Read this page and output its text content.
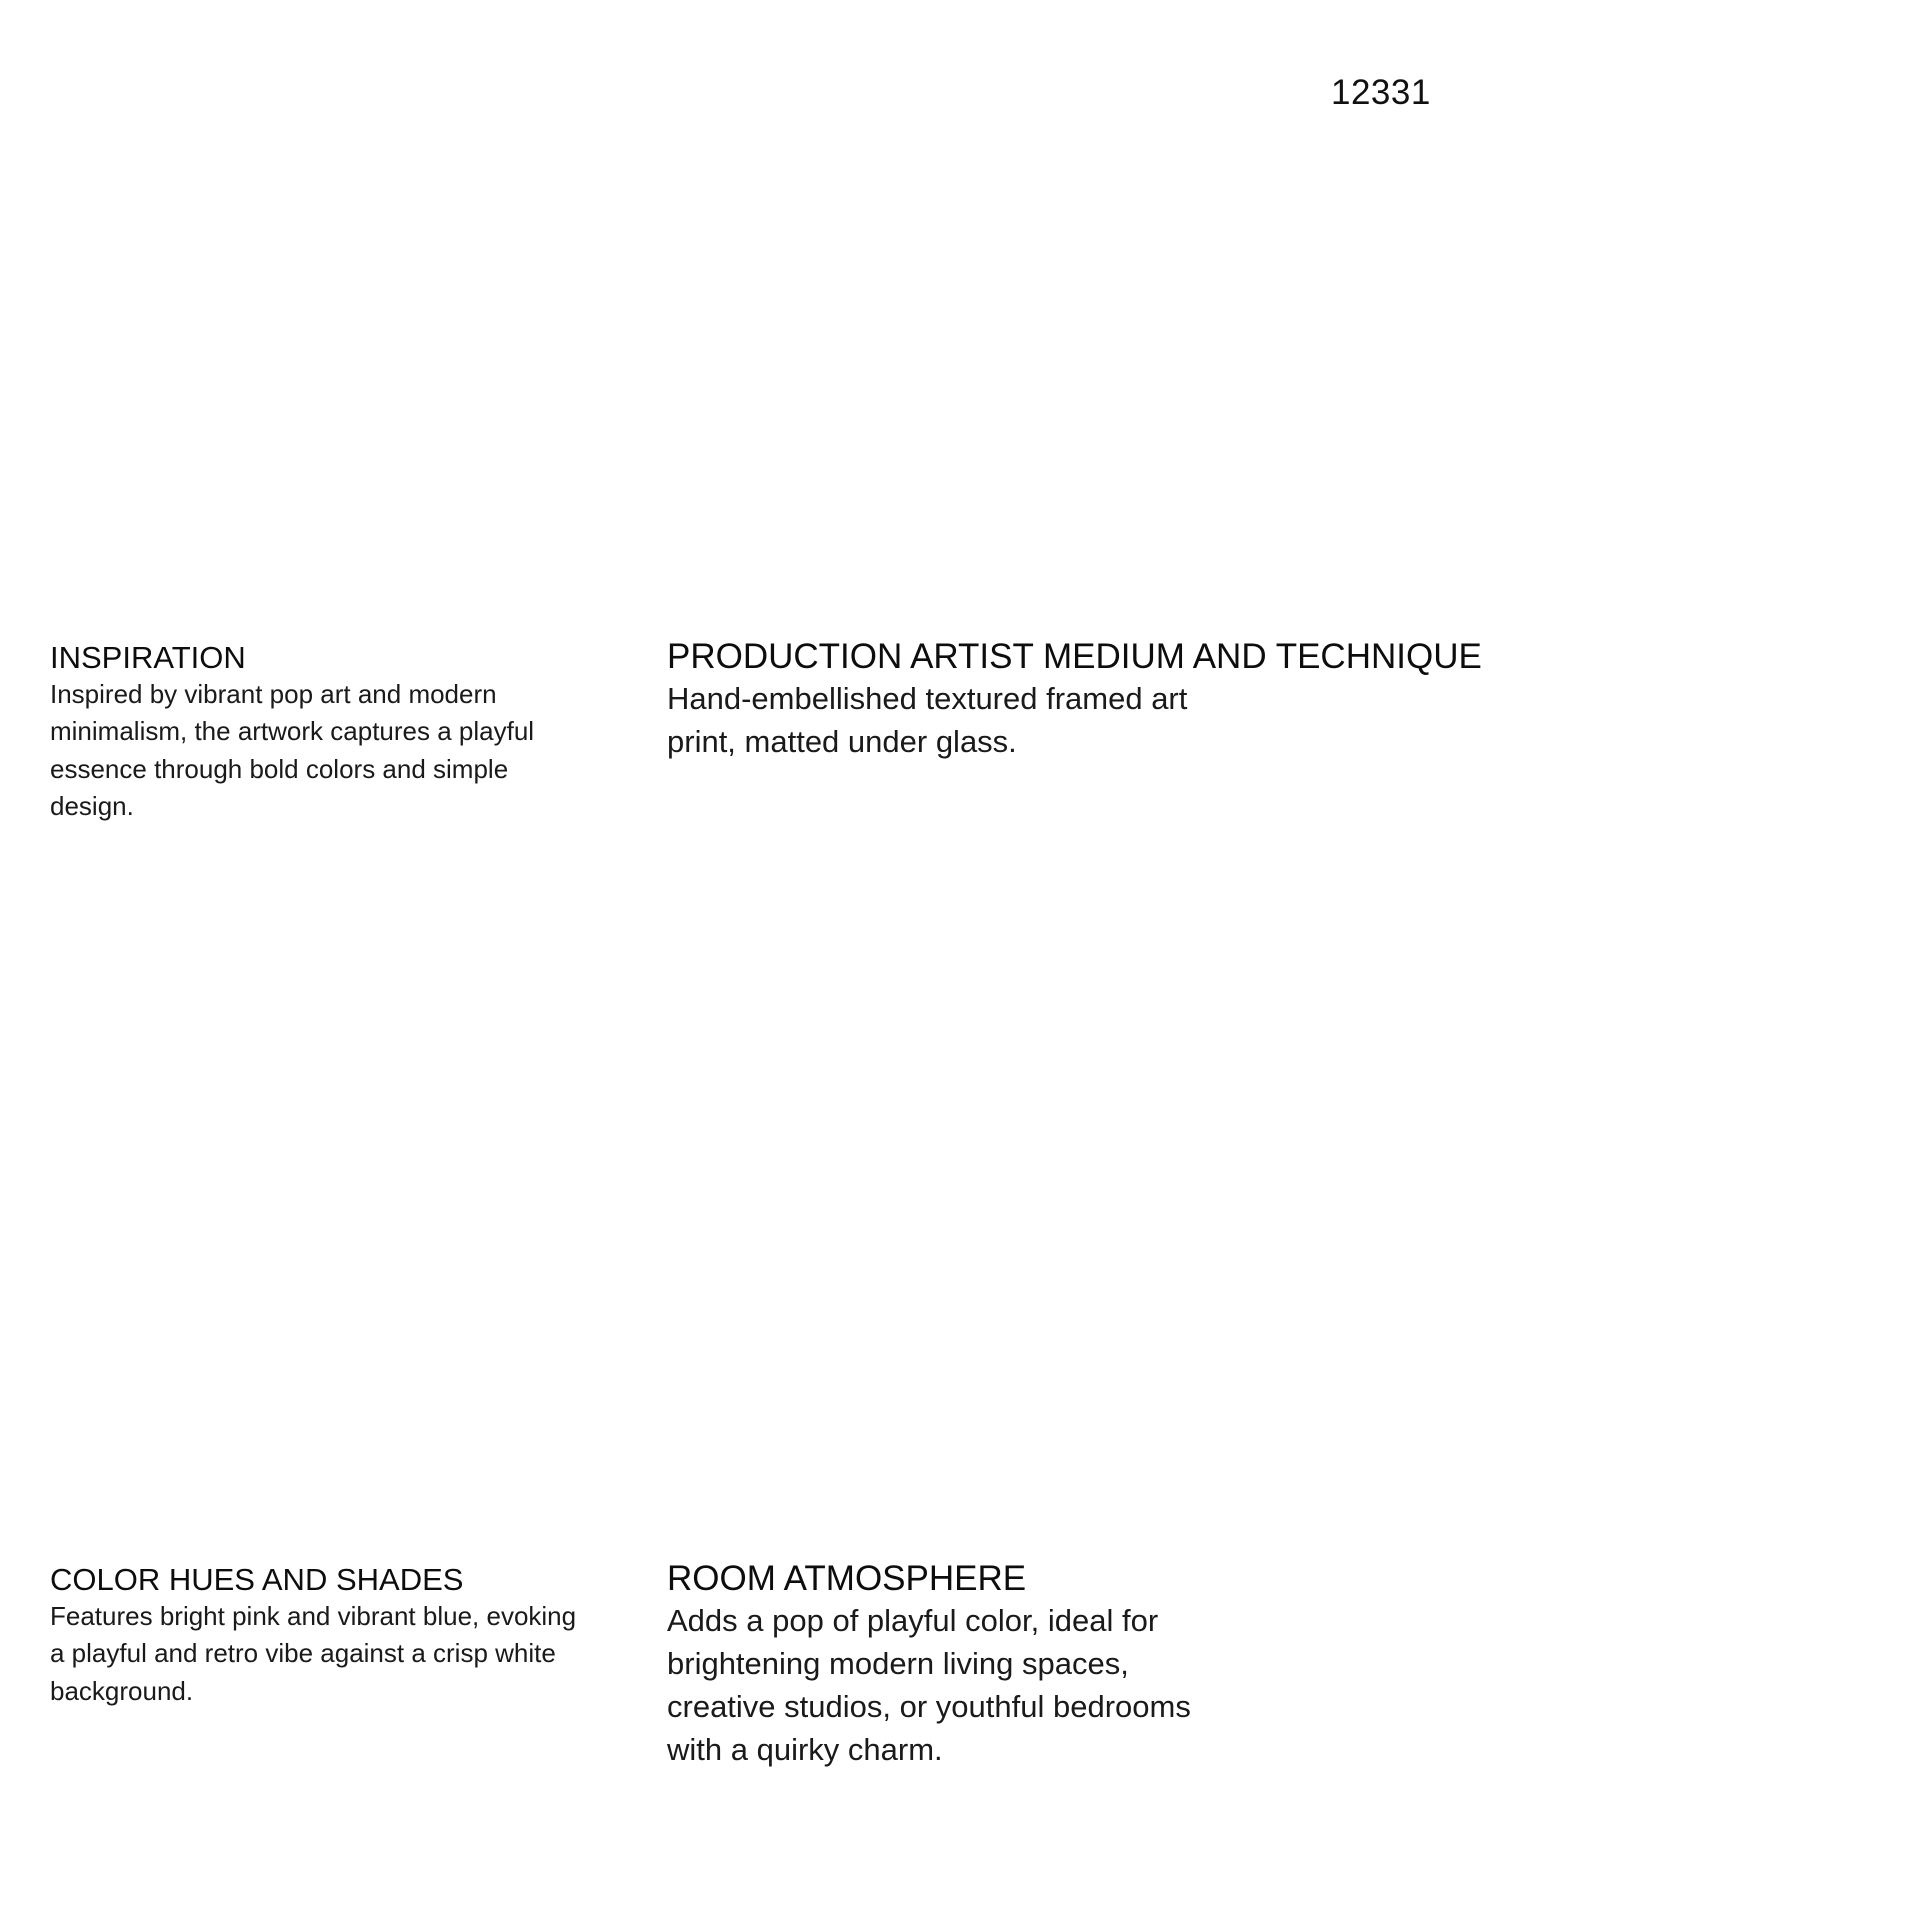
12331
INSPIRATION

Inspired by vibrant pop art and modern
minimalism, the artwork captures a playful
essence through bold colors and simple
design.

PRODUCTION ARTIST MEDIUM AND TECHNIQUE

Hand-embellished textured framed art
print, matted under glass.

COLOR HUES AND SHADES

Features bright pink and vibrant blue, evoking
a playful and retro vibe against a crisp white
background.

ROOM ATMOSPHERE

Adds a pop of playful color, ideal for
brightening modern living spaces,
creative studios, or youthful bedrooms
with a quirky charm.
